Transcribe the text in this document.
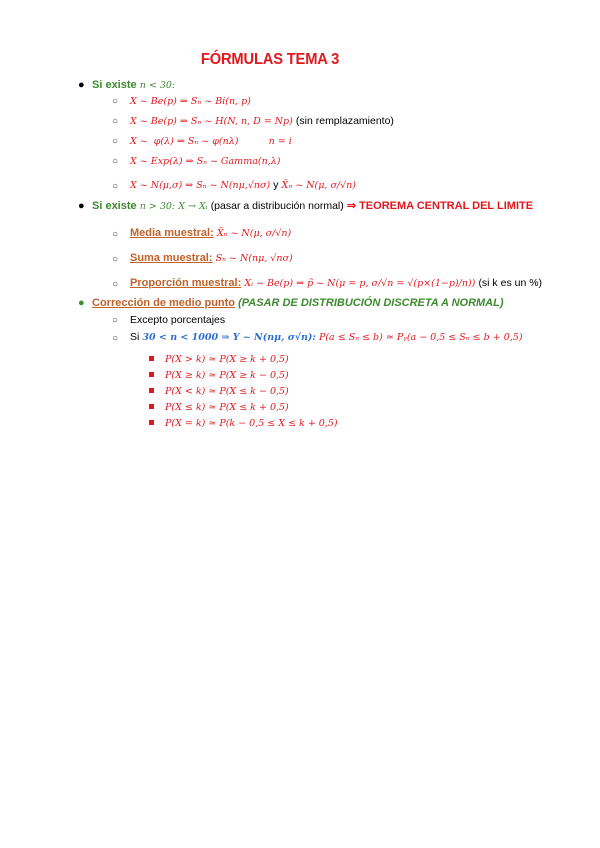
FÓRMULAS TEMA 3
● Si existe n < 30:
○ X ~ Be(p) ⇒ Sₙ ~ Bi(n, p)
○ X ~ Be(p) ⇒ Sₙ ~ H(N, n, D = Np) (sin remplazamiento)
○ X ~  φ(λ) ⇒ Sₙ ~ φ(nλ)          n = i
○ X ~ Exp(λ) ⇒ Sₙ ~ Gamma(n,λ)
○ X ~ N(μ,σ) ⇒ Sₙ ~ N(nμ,√nσ) y X̄ₙ ~ N(μ, σ/√n)
● Si existe n > 30: X → Xᵢ (pasar a distribución normal) ⇒ TEOREMA CENTRAL DEL LIMITE
○ Media muestral: X̄ₙ ~ N(μ, σ/√n)
○ Suma muestral: Sₙ ~ N(nμ, √nσ)
○ Proporción muestral: Xᵢ ~ Be(p) ⇒ p̂ ~ N(μ = p, σ/√n = √(p×(1−p)/n)) (si k es un %)
● Corrección de medio punto (PASAR DE DISTRIBUCIÓN DISCRETA A NORMAL)
○ Excepto porcentajes
○ Si 30 < n < 1000 ⇒ Y ~ N(nμ, σ√n): P(a ≤ Sₙ ≤ b) ≃ Pᵧ(a − 0,5 ≤ Sₙ ≤ b + 0,5)
P(X > k) ≃ P(X ≥ k + 0,5)
P(X ≥ k) ≃ P(X ≥ k − 0,5)
P(X < k) ≃ P(X ≤ k − 0,5)
P(X ≤ k) ≃ P(X ≤ k + 0,5)
P(X = k) ≃ P(k − 0,5 ≤ X ≤ k + 0,5)
